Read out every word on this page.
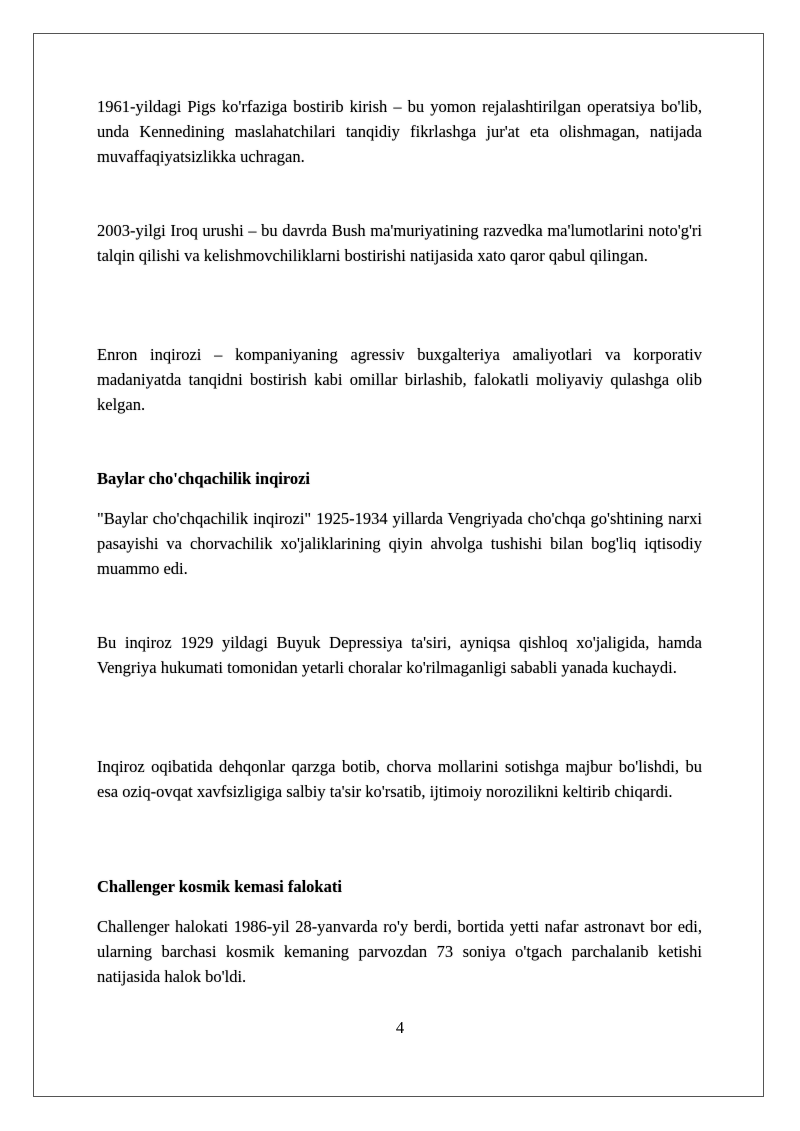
1961-yildagi Pigs ko'rfaziga bostirib kirish – bu yomon rejalashtirilgan operatsiya bo'lib, unda Kennedining maslahatchilari tanqidiy fikrlashga jur'at eta olishmagan, natijada muvaffaqiyatsizlikka uchragan.

2003-yilgi Iroq urushi – bu davrda Bush ma'muriyatining razvedka ma'lumotlarini noto'g'ri talqin qilishi va kelishmovchiliklarni bostirishi natijasida xato qaror qabul qilingan.

Enron inqirozi – kompaniyaning agressiv buxgalteriya amaliyotlari va korporativ madaniyatda tanqidni bostirish kabi omillar birlashib, falokatli moliyaviy qulashga olib kelgan.

Baylar cho'chqachilik inqirozi

"Baylar cho'chqachilik inqirozi" 1925-1934 yillarda Vengriyada cho'chqa go'shtining narxi pasayishi va chorvachilik xo'jaliklarining qiyin ahvolga tushishi bilan bog'liq iqtisodiy muammo edi.

Bu inqiroz 1929 yildagi Buyuk Depressiya ta'siri, ayniqsa qishloq xo'jaligida, hamda Vengriya hukumati tomonidan yetarli choralar ko'rilmaganligi sababli yanada kuchaydi.

Inqiroz oqibatida dehqonlar qarzga botib, chorva mollarini sotishga majbur bo'lishdi, bu esa oziq-ovqat xavfsizligiga salbiy ta'sir ko'rsatib, ijtimoiy norozilikni keltirib chiqardi.

Challenger kosmik kemasi falokati

Challenger halokati 1986-yil 28-yanvarda ro'y berdi, bortida yetti nafar astronavt bor edi, ularning barchasi kosmik kemaning parvozdan 73 soniya o'tgach parchalanib ketishi natijasida halok bo'ldi.

4
